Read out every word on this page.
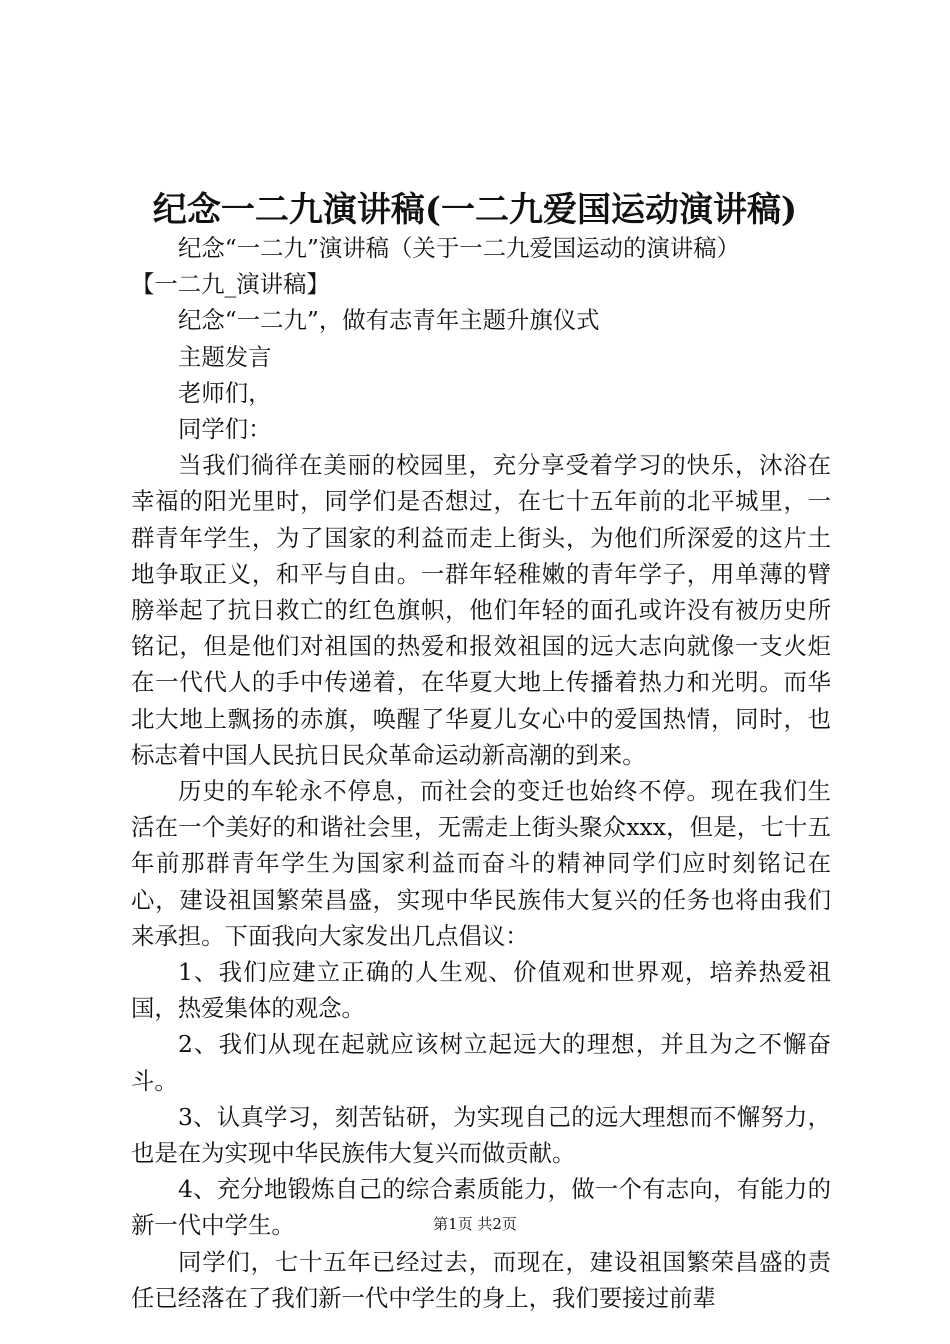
纪念一二九演讲稿(一二九爱国运动演讲稿)

纪念“一二九”演讲稿（关于一二九爱国运动的演讲稿）

【一二九_演讲稿】

纪念“一二九”，做有志青年主题升旗仪式

主题发言

老师们，

同学们：

当我们徜徉在美丽的校园里，充分享受着学习的快乐，沐浴在幸福的阳光里时，同学们是否想过，在七十五年前的北平城里，一群青年学生，为了国家的利益而走上街头，为他们所深爱的这片土地争取正义，和平与自由。一群年轻稚嫩的青年学子，用单薄的臂膀举起了抗日救亡的红色旗帜，他们年轻的面孔或许没有被历史所铭记，但是他们对祖国的热爱和报效祖国的远大志向就像一支火炬在一代代人的手中传递着，在华夏大地上传播着热力和光明。而华北大地上飘扬的赤旗，唤醒了华夏儿女心中的爱国热情，同时，也标志着中国人民抗日民众革命运动新高潮的到来。

历史的车轮永不停息，而社会的变迁也始终不停。现在我们生活在一个美好的和谐社会里，无需走上街头聚众xxx，但是，七十五年前那群青年学生为国家利益而奋斗的精神同学们应时刻铭记在心，建设祖国繁荣昌盛，实现中华民族伟大复兴的任务也将由我们来承担。下面我向大家发出几点倡议：

1、我们应建立正确的人生观、价值观和世界观，培养热爱祖国，热爱集体的观念。

2、我们从现在起就应该树立起远大的理想，并且为之不懈奋斗。

3、认真学习，刻苦钻研，为实现自己的远大理想而不懈努力，也是在为实现中华民族伟大复兴而做贡献。

4、充分地锻炼自己的综合素质能力，做一个有志向，有能力的新一代中学生。

同学们，七十五年已经过去，而现在，建设祖国繁荣昌盛的责任已经落在了我们新一代中学生的身上，我们要接过前辈

第1页 共2页
